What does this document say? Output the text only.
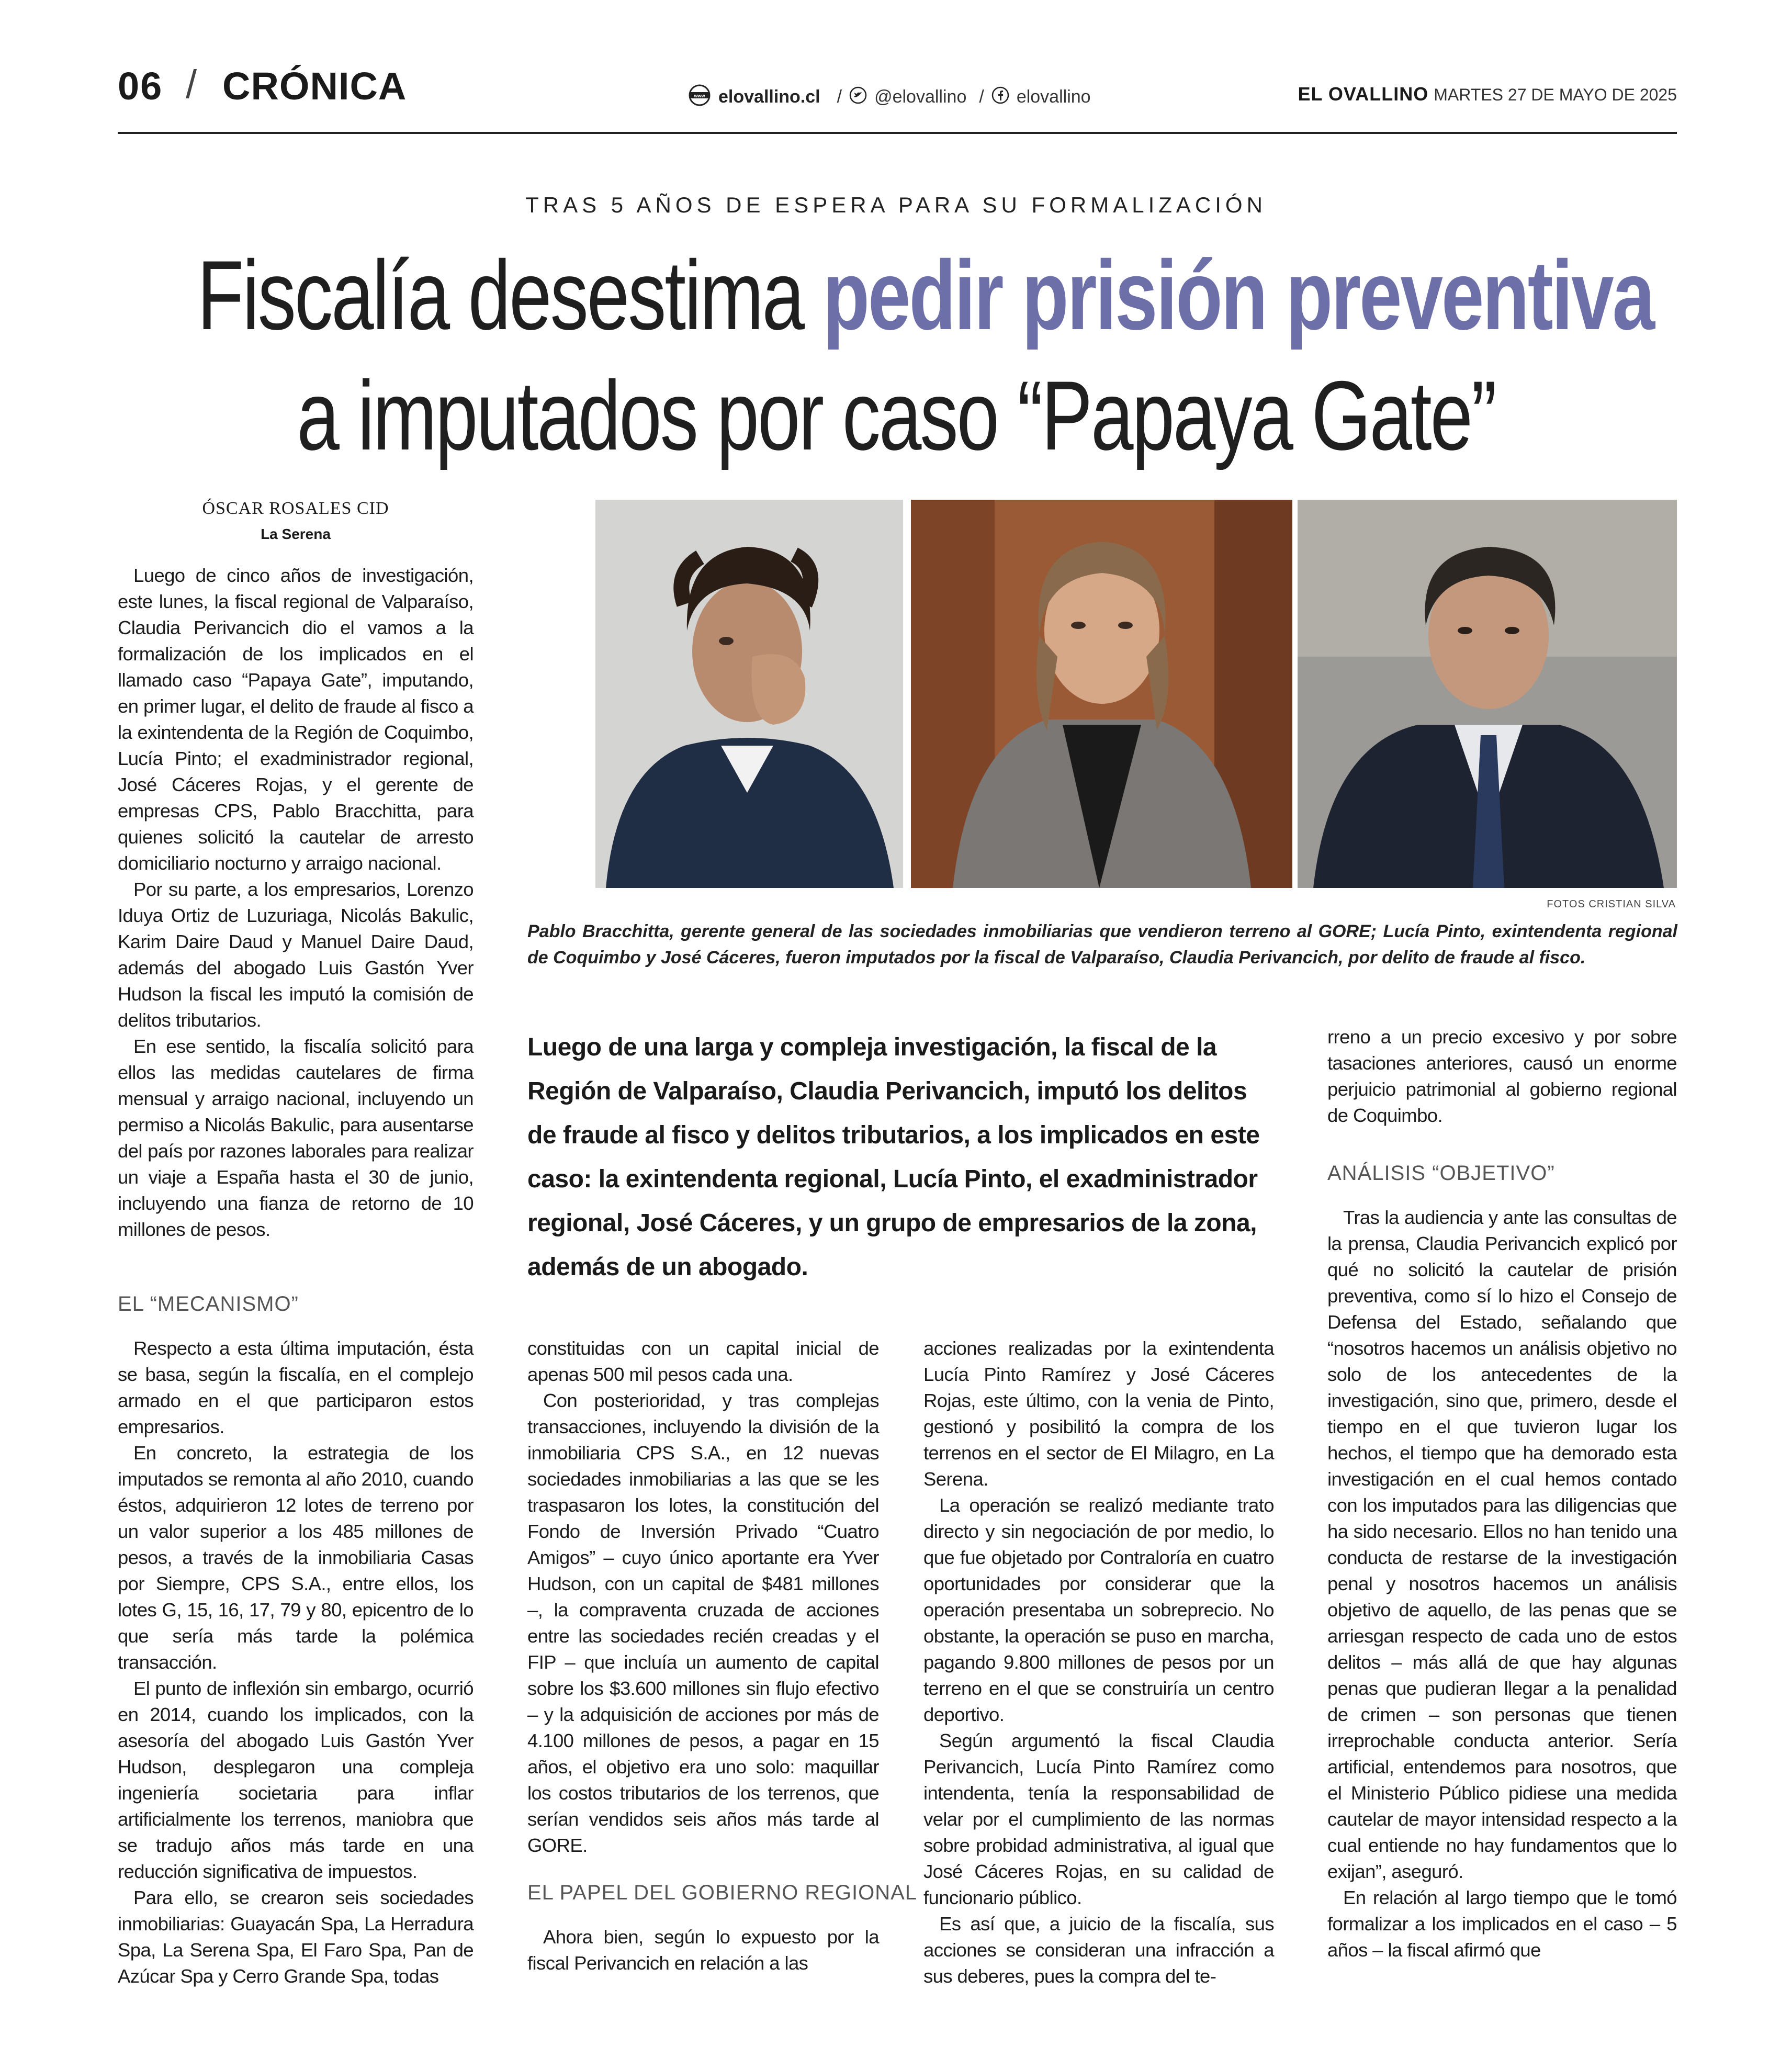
06 / CRÓNICA	www elovallino.cl / @elovallino / elovallino	EL OVALLINO MARTES 27 DE MAYO DE 2025
TRAS 5 AÑOS DE ESPERA PARA SU FORMALIZACIÓN
Fiscalía desestima pedir prisión preventiva
a imputados por caso “Papaya Gate”
ÓSCAR ROSALES CID
La Serena

Luego de cinco años de investigación, este lunes, la fiscal regional de Valparaíso, Claudia Perivancich dio el vamos a la formalización de los implicados en el llamado caso “Papaya Gate”, imputando, en primer lugar, el delito de fraude al fisco a la exintendenta de la Región de Coquimbo, Lucía Pinto; el exadministrador regional, José Cáceres Rojas, y el gerente de empresas CPS, Pablo Bracchitta, para quienes solicitó la cautelar de arresto domiciliario nocturno y arraigo nacional.

Por su parte, a los empresarios, Lorenzo Iduya Ortiz de Luzuriaga, Nicolás Bakulic, Karim Daire Daud y Manuel Daire Daud, además del abogado Luis Gastón Yver Hudson la fiscal les imputó la comisión de delitos tributarios.

En ese sentido, la fiscalía solicitó para ellos las medidas cautelares de firma mensual y arraigo nacional, incluyendo un permiso a Nicolás Bakulic, para ausentarse del país por razones laborales para realizar un viaje a España hasta el 30 de junio, incluyendo una fianza de retorno de 10 millones de pesos.

EL “MECANISMO”

Respecto a esta última imputación, ésta se basa, según la fiscalía, en el complejo armado en el que participaron estos empresarios.

En concreto, la estrategia de los imputados se remonta al año 2010, cuando éstos, adquirieron 12 lotes de terreno por un valor superior a los 485 millones de pesos, a través de la inmobiliaria Casas por Siempre, CPS S.A., entre ellos, los lotes G, 15, 16, 17, 79 y 80, epicentro de lo que sería más tarde la polémica transacción.

El punto de inflexión sin embargo, ocurrió en 2014, cuando los implicados, con la asesoría del abogado Luis Gastón Yver Hudson, desplegaron una compleja ingeniería societaria para inflar artificialmente los terrenos, maniobra que se tradujo años más tarde en una reducción significativa de impuestos.

Para ello, se crearon seis sociedades inmobiliarias: Guayacán Spa, La Herradura Spa, La Serena Spa, El Faro Spa, Pan de Azúcar Spa y Cerro Grande Spa, todas

FOTOS CRISTIAN SILVA
Pablo Bracchitta, gerente general de las sociedades inmobiliarias que vendieron terreno al GORE; Lucía Pinto, exintendenta regional de Coquimbo y José Cáceres, fueron imputados por la fiscal de Valparaíso, Claudia Perivancich, por delito de fraude al fisco.
Luego de una larga y compleja investigación, la fiscal de la Región de Valparaíso, Claudia Perivancich, imputó los delitos de fraude al fisco y delitos tributarios, a los implicados en este caso: la exintendenta regional, Lucía Pinto, el exadministrador regional, José Cáceres, y un grupo de empresarios de la zona, además de un abogado.

constituidas con un capital inicial de apenas 500 mil pesos cada una.

Con posterioridad, y tras complejas transacciones, incluyendo la división de la inmobiliaria CPS S.A., en 12 nuevas sociedades inmobiliarias a las que se les traspasaron los lotes, la constitución del Fondo de Inversión Privado “Cuatro Amigos” – cuyo único aportante era Yver Hudson, con un capital de $481 millones –, la compraventa cruzada de acciones entre las sociedades recién creadas y el FIP – que incluía un aumento de capital sobre los $3.600 millones sin flujo efectivo – y la adquisición de acciones por más de 4.100 millones de pesos, a pagar en 15 años, el objetivo era uno solo: maquillar los costos tributarios de los terrenos, que serían vendidos seis años más tarde al GORE.

EL PAPEL DEL GOBIERNO REGIONAL

Ahora bien, según lo expuesto por la fiscal Perivancich en relación a las

acciones realizadas por la exintendenta Lucía Pinto Ramírez y José Cáceres Rojas, este último, con la venia de Pinto, gestionó y posibilitó la compra de los terrenos en el sector de El Milagro, en La Serena.

La operación se realizó mediante trato directo y sin negociación de por medio, lo que fue objetado por Contraloría en cuatro oportunidades por considerar que la operación presentaba un sobreprecio. No obstante, la operación se puso en marcha, pagando 9.800 millones de pesos por un terreno en el que se construiría un centro deportivo.

Según argumentó la fiscal Claudia Perivancich, Lucía Pinto Ramírez como intendenta, tenía la responsabilidad de velar por el cumplimiento de las normas sobre probidad administrativa, al igual que José Cáceres Rojas, en su calidad de funcionario público.

Es así que, a juicio de la fiscalía, sus acciones se consideran una infracción a sus deberes, pues la compra del te-

rreno a un precio excesivo y por sobre tasaciones anteriores, causó un enorme perjuicio patrimonial al gobierno regional de Coquimbo.

ANÁLISIS “OBJETIVO”

Tras la audiencia y ante las consultas de la prensa, Claudia Perivancich explicó por qué no solicitó la cautelar de prisión preventiva, como sí lo hizo el Consejo de Defensa del Estado, señalando que “nosotros hacemos un análisis objetivo no solo de los antecedentes de la investigación, sino que, primero, desde el tiempo en el que tuvieron lugar los hechos, el tiempo que ha demorado esta investigación en el cual hemos contado con los imputados para las diligencias que ha sido necesario. Ellos no han tenido una conducta de restarse de la investigación penal y nosotros hacemos un análisis objetivo de aquello, de las penas que se arriesgan respecto de cada uno de estos delitos – más allá de que hay algunas penas que pudieran llegar a la penalidad de crimen – son personas que tienen irreprochable conducta anterior. Sería artificial, entendemos para nosotros, que el Ministerio Público pidiese una medida cautelar de mayor intensidad respecto a la cual entiende no hay fundamentos que lo exijan”, aseguró.

En relación al largo tiempo que le tomó formalizar a los implicados en el caso – 5 años – la fiscal afirmó que
